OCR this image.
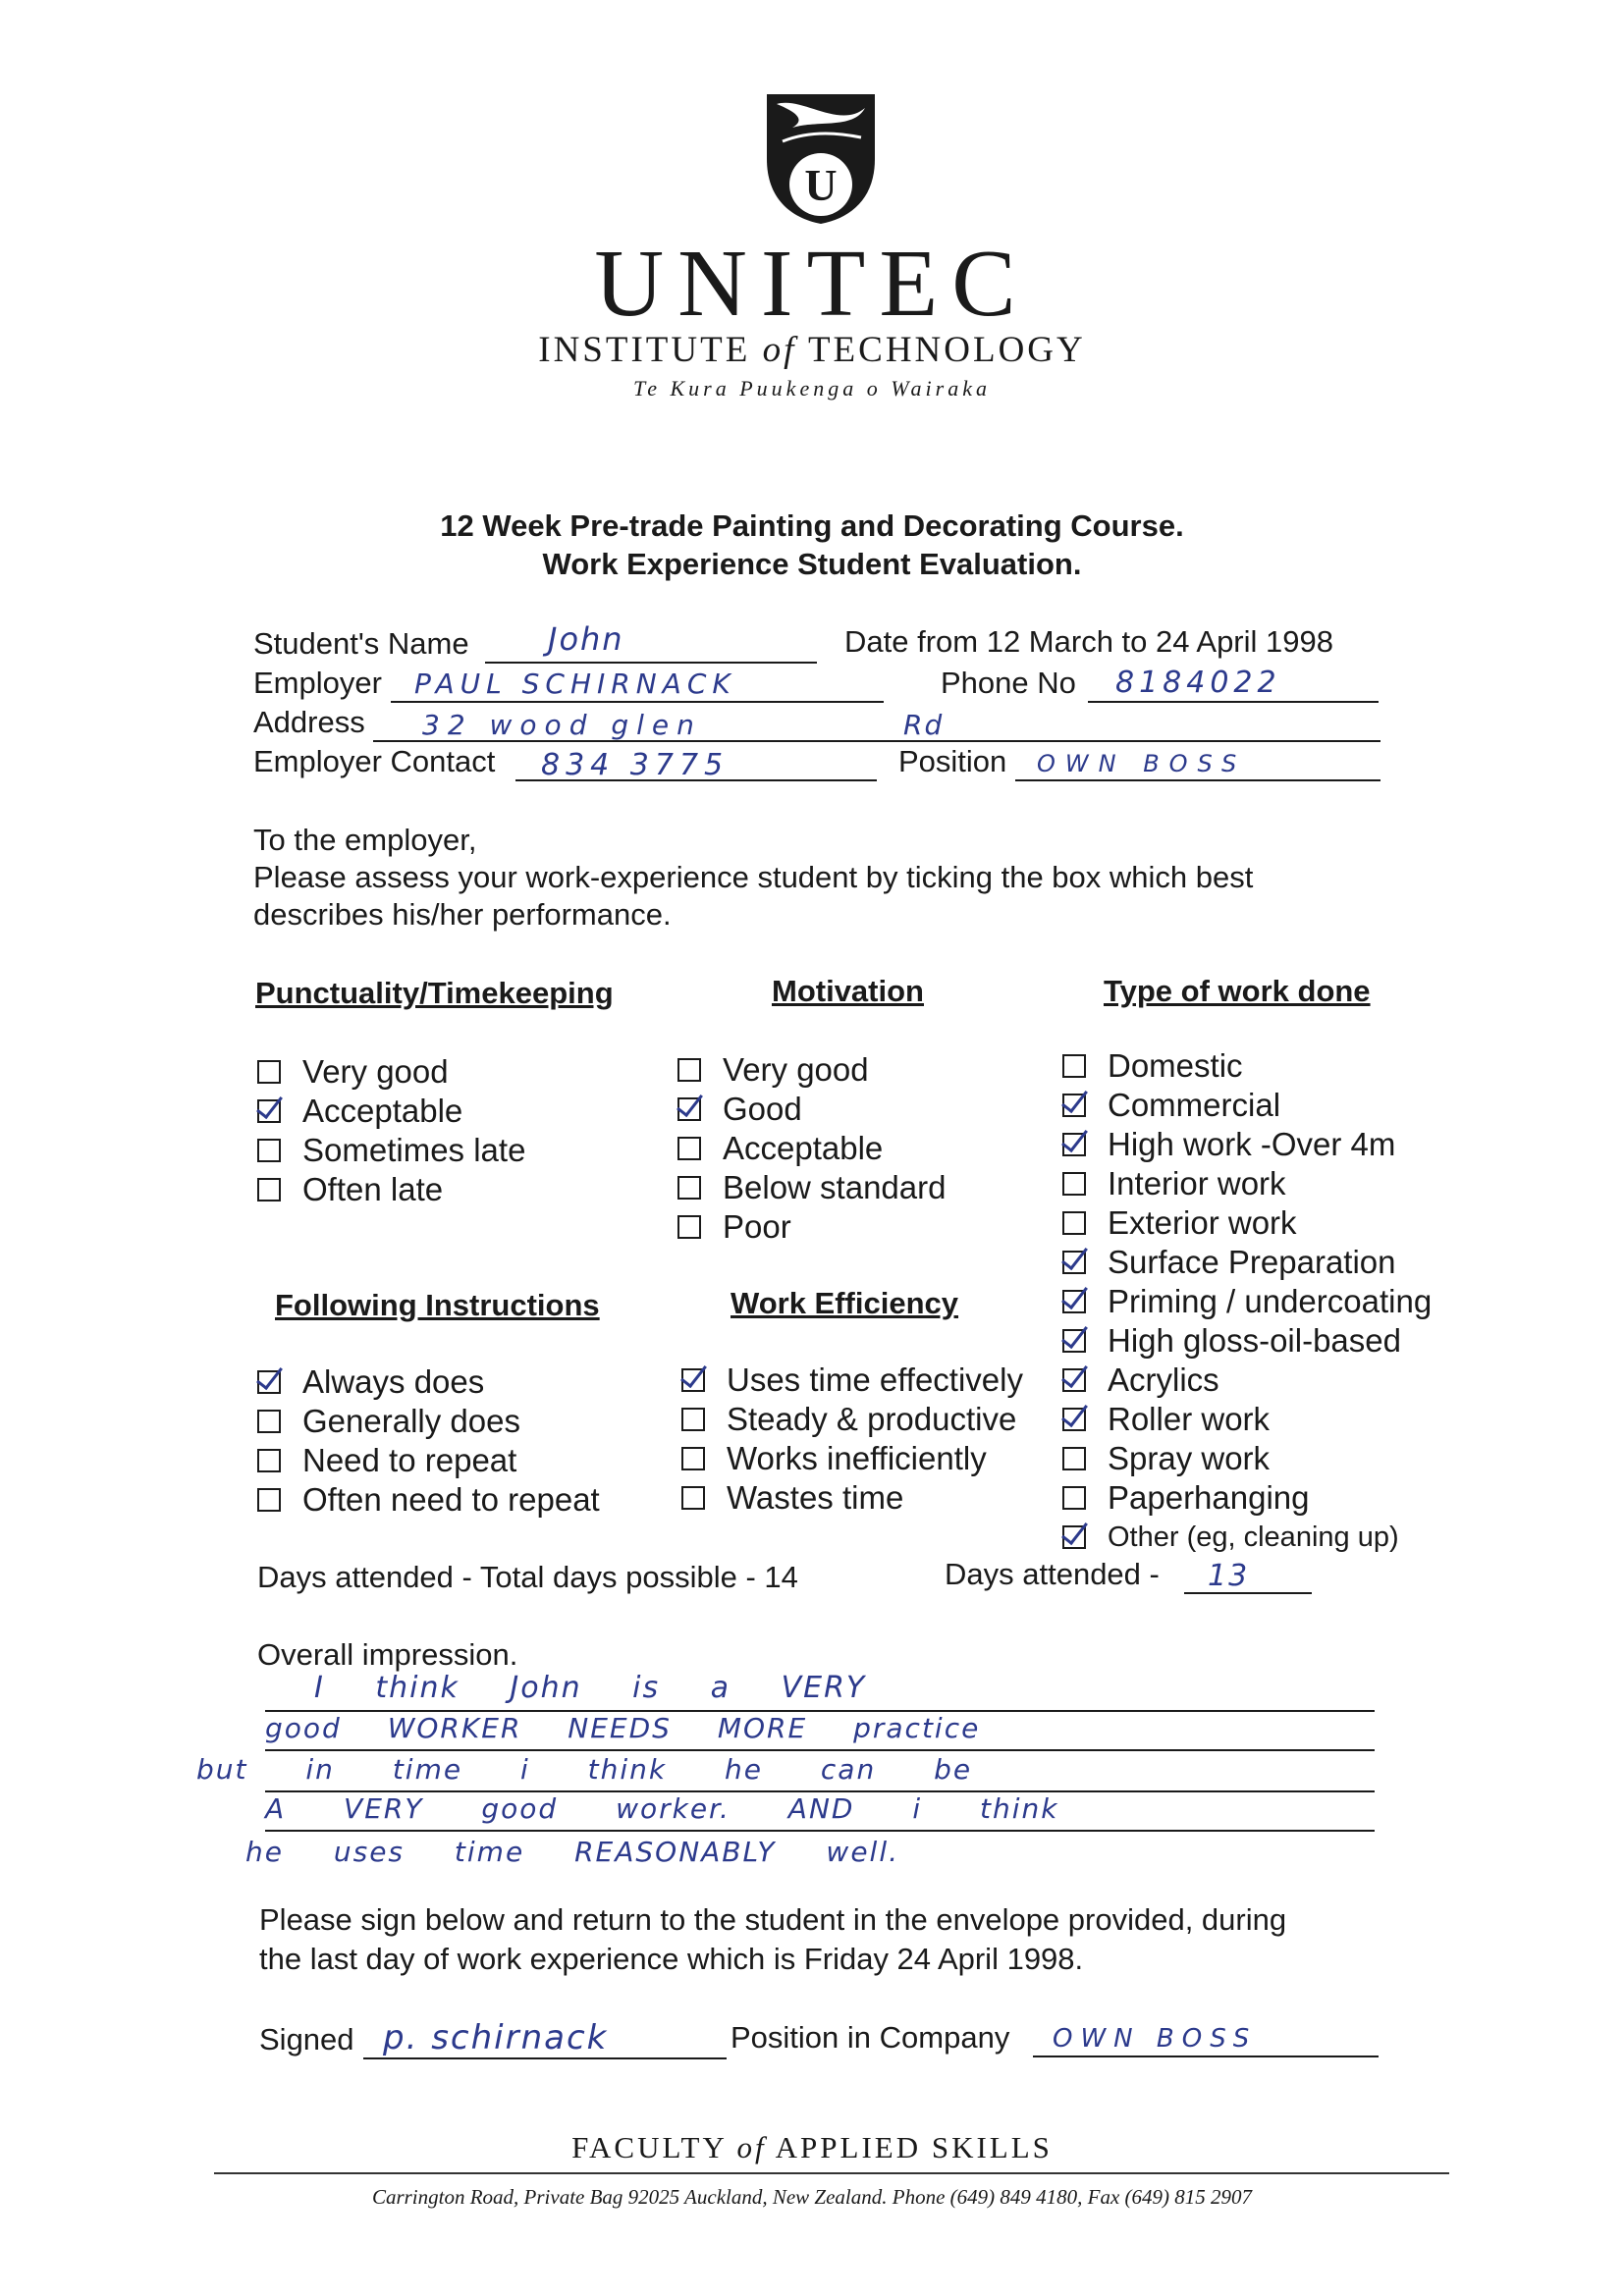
U
UNITEC
INSTITUTE of TECHNOLOGY
Te Kura Puukenga o Wairaka
12 Week Pre-trade Painting and Decorating Course.
Work Experience Student Evaluation.
Student's Name	John	Date from 12 March to 24 April 1998
Employer PAUL SCHIRNACK	Phone No 8184022
Address 32 wood glen	Rd
Employer Contact 834 3775	Position OWN BOSS
To the employer,
Please assess your work-experience student by ticking the box which best
describes his/her performance.
Punctuality/Timekeeping	Motivation	Type of work done
Very good
Acceptable
Sometimes late
Often late
Very good
Good
Acceptable
Below standard
Poor
Domestic
Commercial
High work -Over 4m
Interior work
Exterior work
Surface Preparation
Priming / undercoating
High gloss-oil-based
Acrylics
Roller work
Spray work
Paperhanging
Other (eg, cleaning up)
Following Instructions	Work Efficiency
Always does
Generally does
Need to repeat
Often need to repeat
Uses time effectively
Steady & productive
Works inefficiently
Wastes time
Days attended - Total days possible - 14	Days attended - 13
Overall impression.
I think John is a VERY
good WORKER NEEDS MORE practice
but in time i think he can be
A VERY good worker. AND i think
he uses time REASONABLY well.
Please sign below and return to the student in the envelope provided, during
the last day of work experience which is Friday 24 April 1998.
Signed p. schirnack	Position in Company OWN BOSS
FACULTY of APPLIED SKILLS
Carrington Road, Private Bag 92025 Auckland, New Zealand. Phone (649) 849 4180, Fax (649) 815 2907
